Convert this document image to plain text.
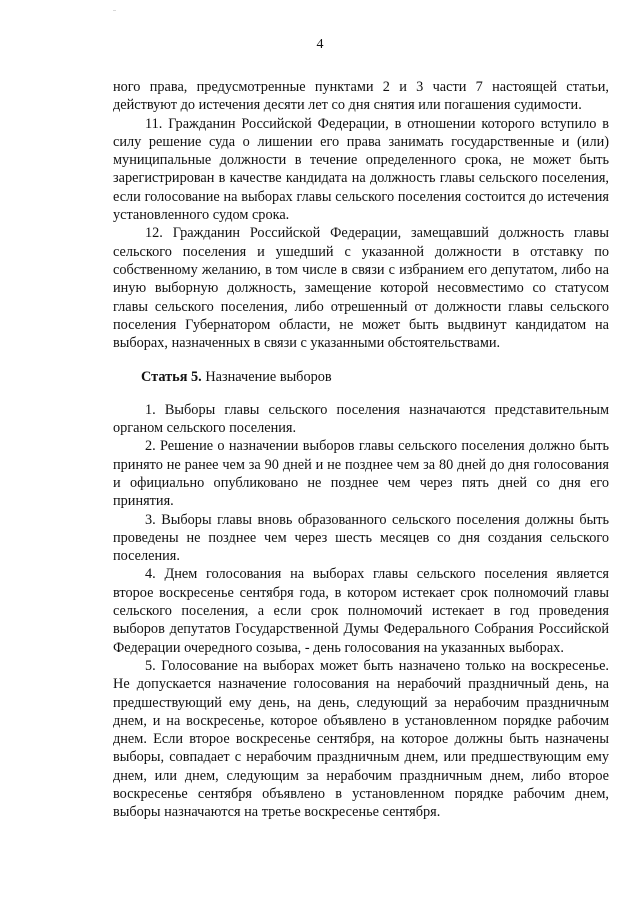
4

ного права, предусмотренные пунктами 2 и 3 части 7 настоящей статьи, действуют до истечения десяти лет со дня снятия или погашения судимости.

11. Гражданин Российской Федерации, в отношении которого вступило в силу решение суда о лишении его права занимать государственные и (или) муниципальные должности в течение определенного срока, не может быть зарегистрирован в качестве кандидата на должность главы сельского поселения, если голосование на выборах главы сельского поселения состоится до истечения установленного судом срока.

12. Гражданин Российской Федерации, замещавший должность главы сельского поселения и ушедший с указанной должности в отставку по собственному желанию, в том числе в связи с избранием его депутатом, либо на иную выборную должность, замещение которой несовместимо со статусом главы сельского поселения, либо отрешенный от должности главы сельского поселения Губернатором области, не может быть выдвинут кандидатом на выборах, назначенных в связи с указанными обстоятельствами.

Статья 5. Назначение выборов

1. Выборы главы сельского поселения назначаются представительным органом сельского поселения.

2. Решение о назначении выборов главы сельского поселения должно быть принято не ранее чем за 90 дней и не позднее чем за 80 дней до дня голосования и официально опубликовано не позднее чем через пять дней со дня его принятия.

3. Выборы главы вновь образованного сельского поселения должны быть проведены не позднее чем через шесть месяцев со дня создания сельского поселения.

4. Днем голосования на выборах главы сельского поселения является второе воскресенье сентября года, в котором истекает срок полномочий главы сельского поселения, а если срок полномочий истекает в год проведения выборов депутатов Государственной Думы Федерального Собрания Российской Федерации очередного созыва, - день голосования на указанных выборах.

5. Голосование на выборах может быть назначено только на воскресенье. Не допускается назначение голосования на нерабочий праздничный день, на предшествующий ему день, на день, следующий за нерабочим праздничным днем, и на воскресенье, которое объявлено в установленном порядке рабочим днем. Если второе воскресенье сентября, на которое должны быть назначены выборы, совпадает с нерабочим праздничным днем, или предшествующим ему днем, или днем, следующим за нерабочим праздничным днем, либо второе воскресенье сентября объявлено в установленном порядке рабочим днем, выборы назначаются на третье воскресенье сентября.
